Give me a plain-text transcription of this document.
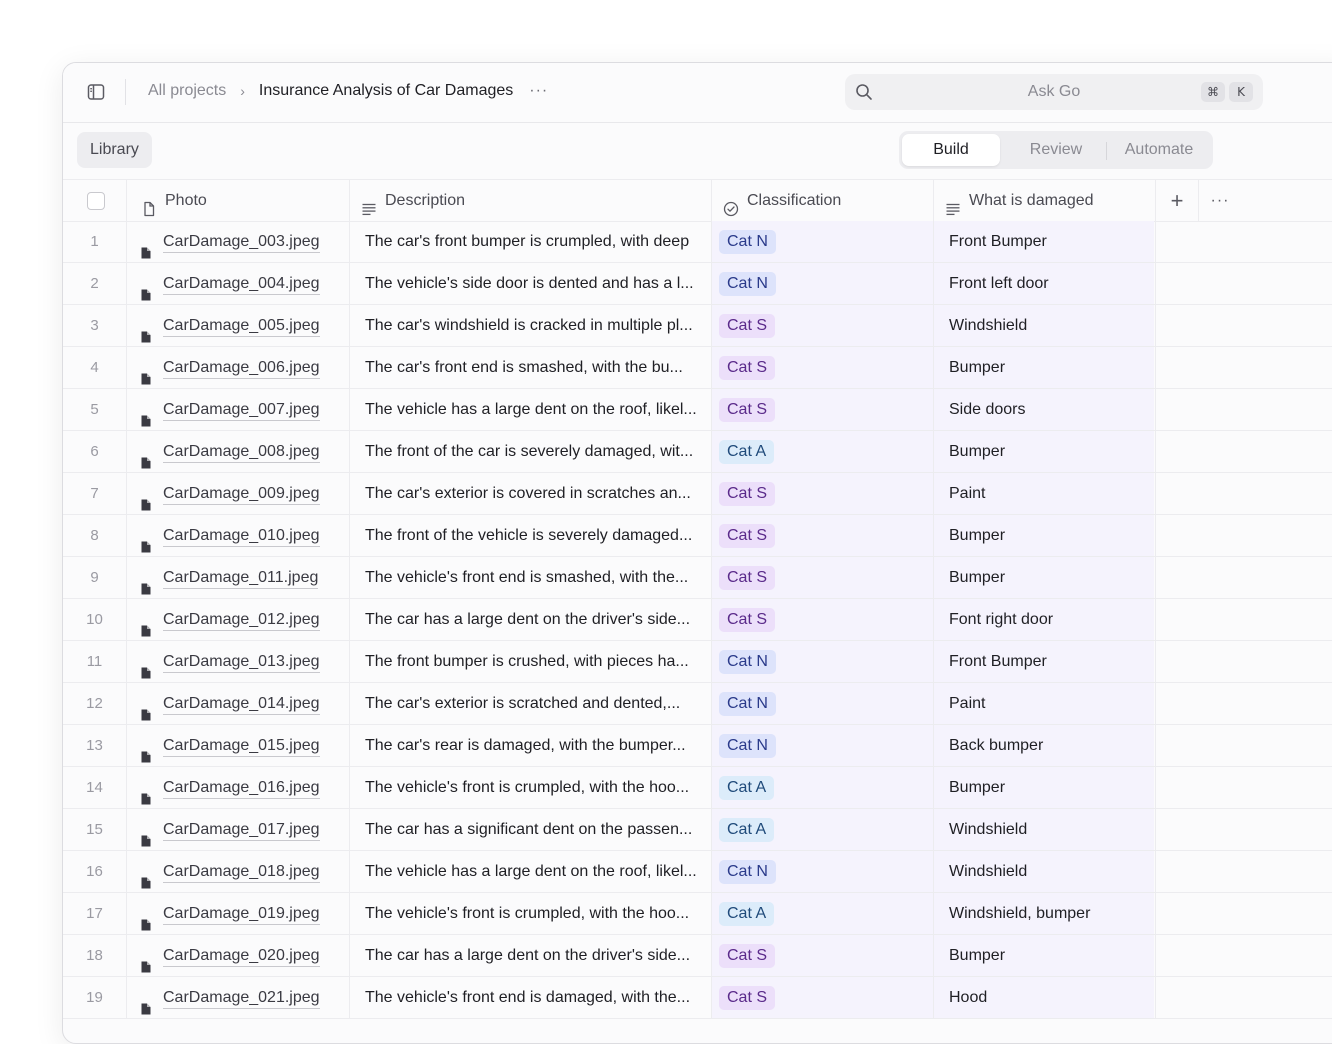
All projects › Insurance Analysis of Car Damages ···	Ask Go	⌘	K
Library	Build	Review	Automate
Photo	Description	Classification	What is damaged	+	···
1	CarDamage_003.jpeg	The car's front bumper is crumpled, with deep	Cat N	Front Bumper
2	CarDamage_004.jpeg	The vehicle's side door is dented and has a l...	Cat N	Front left door
3	CarDamage_005.jpeg	The car's windshield is cracked in multiple pl...	Cat S	Windshield
4	CarDamage_006.jpeg	The car's front end is smashed, with the bu...	Cat S	Bumper
5	CarDamage_007.jpeg	The vehicle has a large dent on the roof, likel...	Cat S	Side doors
6	CarDamage_008.jpeg	The front of the car is severely damaged, wit...	Cat A	Bumper
7	CarDamage_009.jpeg	The car's exterior is covered in scratches an...	Cat S	Paint
8	CarDamage_010.jpeg	The front of the vehicle is severely damaged...	Cat S	Bumper
9	CarDamage_011.jpeg	The vehicle's front end is smashed, with the...	Cat S	Bumper
10	CarDamage_012.jpeg	The car has a large dent on the driver's side...	Cat S	Font right door
11	CarDamage_013.jpeg	The front bumper is crushed, with pieces ha...	Cat N	Front Bumper
12	CarDamage_014.jpeg	The car's exterior is scratched and dented,...	Cat N	Paint
13	CarDamage_015.jpeg	The car's rear is damaged, with the bumper...	Cat N	Back bumper
14	CarDamage_016.jpeg	The vehicle's front is crumpled, with the hoo...	Cat A	Bumper
15	CarDamage_017.jpeg	The car has a significant dent on the passen...	Cat A	Windshield
16	CarDamage_018.jpeg	The vehicle has a large dent on the roof, likel...	Cat N	Windshield
17	CarDamage_019.jpeg	The vehicle's front is crumpled, with the hoo...	Cat A	Windshield, bumper
18	CarDamage_020.jpeg	The car has a large dent on the driver's side...	Cat S	Bumper
19	CarDamage_021.jpeg	The vehicle's front end is damaged, with the...	Cat S	Hood
